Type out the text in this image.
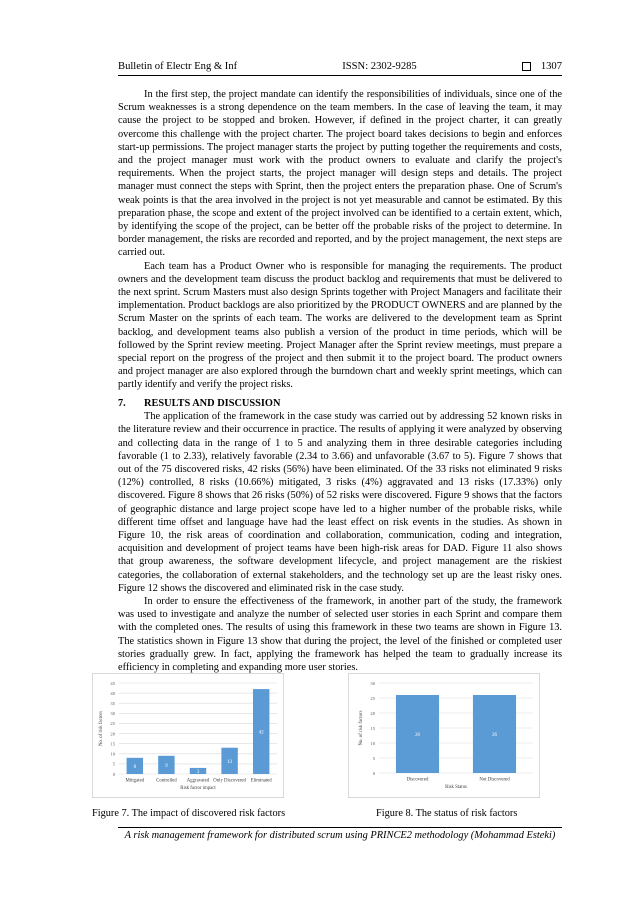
Bulletin of Electr Eng & Inf	ISSN: 2302-9285	1307

In the first step, the project mandate can identify the responsibilities of individuals, since one of the Scrum weaknesses is a strong dependence on the team members. In the case of leaving the team, it may cause the project to be stopped and broken. However, if defined in the project charter, it can greatly overcome this challenge with the project charter. The project board takes decisions to begin and enforces start-up permissions. The project manager starts the project by putting together the requirements and costs, and the project manager must work with the product owners to evaluate and clarify the project's requirements. When the project starts, the project manager will design steps and details. The project manager must connect the steps with Sprint, then the project enters the preparation phase. One of Scrum's weak points is that the area involved in the project is not yet measurable and cannot be estimated. By this preparation phase, the scope and extent of the project involved can be identified to a certain extent, which, by identifying the scope of the project, can be better off the probable risks of the project to determine. In border management, the risks are recorded and reported, and by the project management, the next steps are carried out.

Each team has a Product Owner who is responsible for managing the requirements. The product owners and the development team discuss the product backlog and requirements that must be delivered to the next sprint. Scrum Masters must also design Sprints together with Project Managers and facilitate their implementation. Product backlogs are also prioritized by the PRODUCT OWNERS and are planned by the Scrum Master on the sprints of each team. The works are delivered to the development team as Sprint backlog, and development teams also publish a version of the product in time periods, which will be followed by the Sprint review meeting. Project Manager after the Sprint review meetings, must prepare a special report on the progress of the project and then submit it to the project board. The product owners and project manager are also explored through the burndown chart and weekly sprint meetings, which can partly identify and verify the project risks.

7. RESULTS AND DISCUSSION

The application of the framework in the case study was carried out by addressing 52 known risks in the literature review and their occurrence in practice. The results of applying it were analyzed by observing and collecting data in the range of 1 to 5 and analyzing them in three desirable categories including favorable (1 to 2.33), relatively favorable (2.34 to 3.66) and unfavorable (3.67 to 5). Figure 7 shows that out of the 75 discovered risks, 42 risks (56%) have been eliminated. Of the 33 risks not eliminated 9 risks (12%) controlled, 8 risks (10.66%) mitigated, 3 risks (4%) aggravated and 13 risks (17.33%) only discovered. Figure 8 shows that 26 risks (50%) of 52 risks were discovered. Figure 9 shows that the factors of geographic distance and large project scope have led to a higher number of the probable risks, while different time offset and language have had the least effect on risk events in the studies. As shown in Figure 10, the risk areas of coordination and collaboration, communication, coding and integration, acquisition and development of project teams have been high-risk areas for DAD. Figure 11 also shows that group awareness, the software development lifecycle, and project management are the riskiest categories, the collaboration of external stakeholders, and the technology set up are the least risky ones. Figure 12 shows the discovered and eliminated risk in the case study.

In order to ensure the effectiveness of the framework, in another part of the study, the framework was used to investigate and analyze the number of selected user stories in each Sprint and compare them with the completed ones. The results of using this framework in these two teams are shown in Figure 13. The statistics shown in Figure 13 show that during the project, the level of the finished or completed user stories gradually grew. In fact, applying the framework has helped the team to gradually increase its efficiency in completing and expanding more user stories.

0
5
10
15
20
25
30
35
40
45
8
Mitigated
9
Controlled
3
Aggravated
13
Only Discovered
42
Eliminated
Risk factor impact
No. of risk factors
0
5
10
15
20
25
30
26
Discovered
26
Not Discovered
Risk Status
No. of risk factors
Figure 7. The impact of discovered risk factors	Figure 8. The status of risk factors
A risk management framework for distributed scrum using PRINCE2 methodology (Mohammad Esteki)
